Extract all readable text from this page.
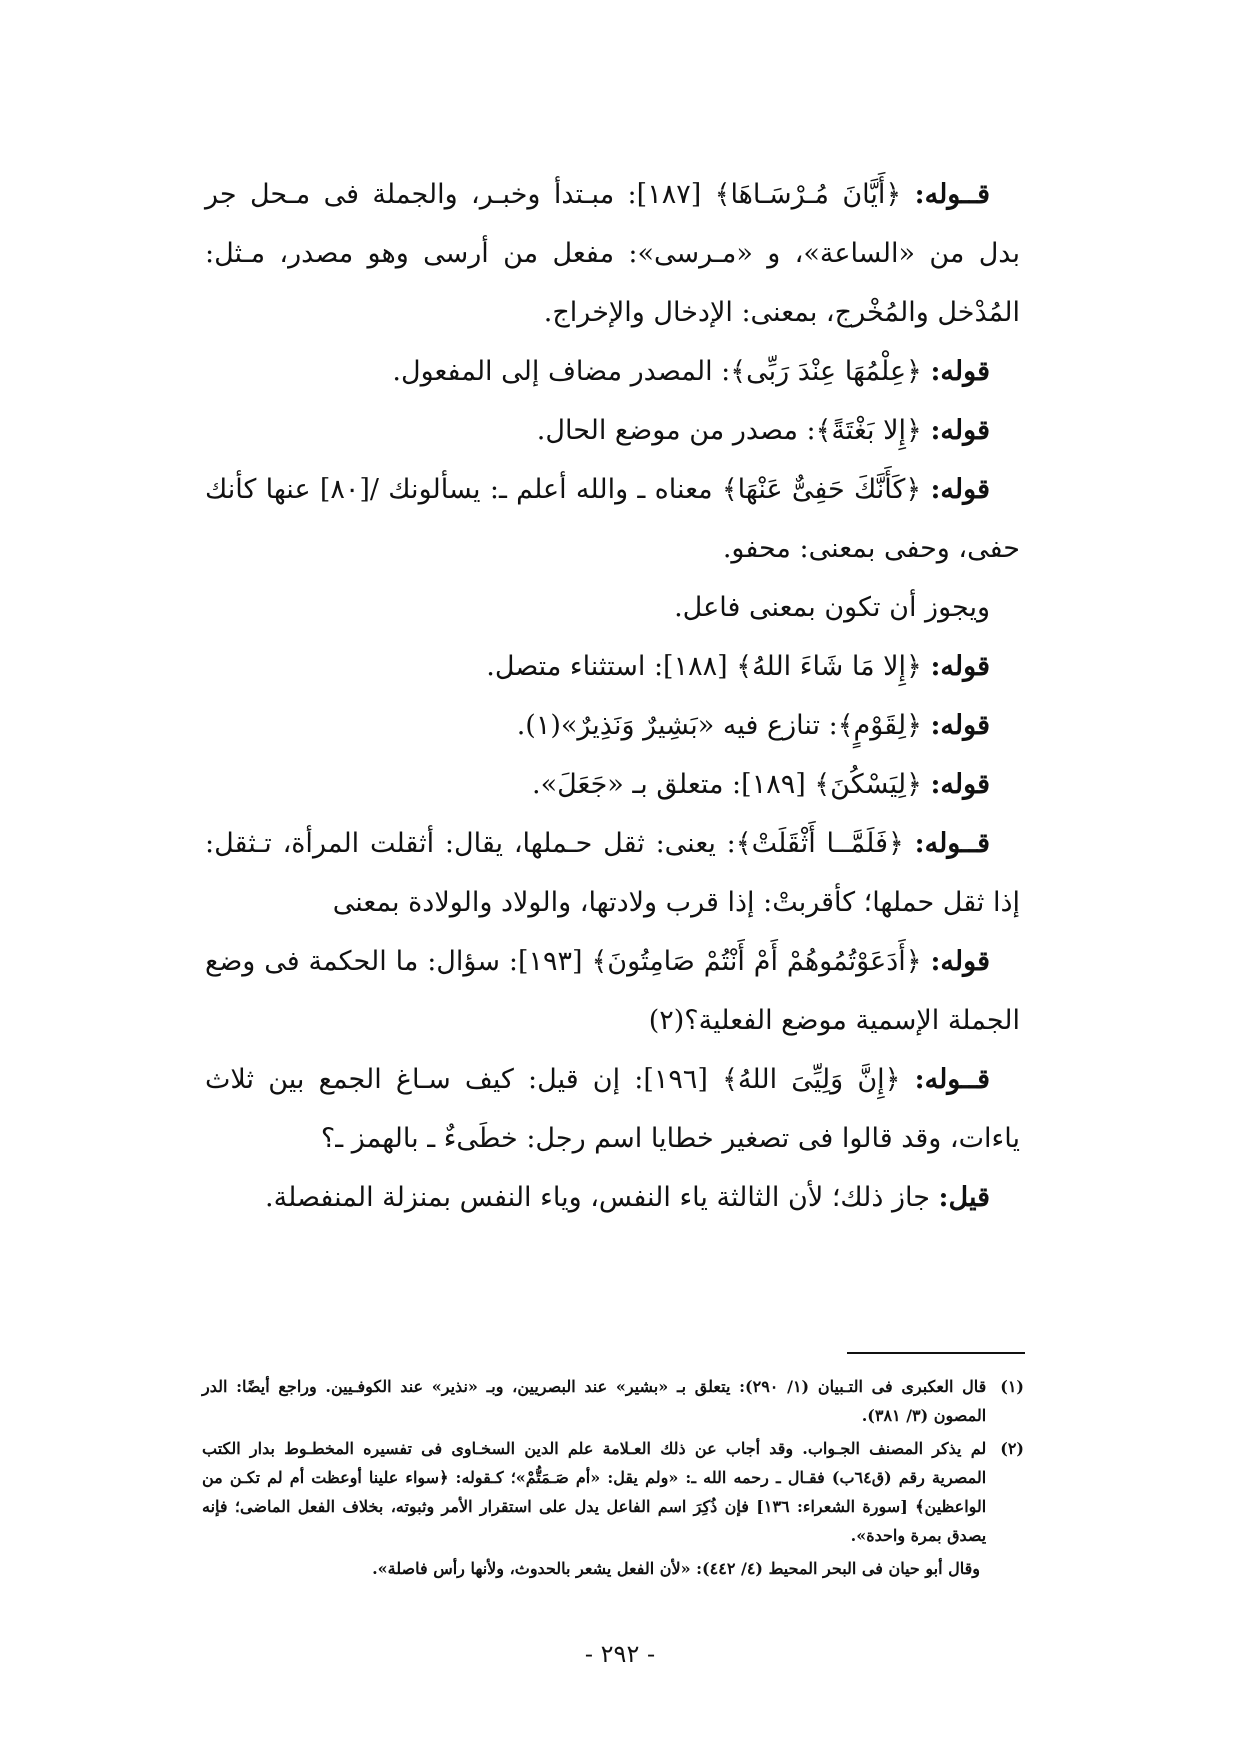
قــوله: ﴿أَيَّانَ مُـرْسَـاهَا﴾ [١٨٧]: مبـتدأ وخبـر، والجملة فى مـحل جر بدل من «الساعة»، و «مـرسى»: مفعل من أرسى وهو مصدر، مـثل: المُدْخل والمُخْرج، بمعنى: الإدخال والإخراج.

قوله: ﴿عِلْمُهَا عِنْدَ رَبِّى﴾: المصدر مضاف إلى المفعول.

قوله: ﴿إِلا بَغْتَةً﴾: مصدر من موضع الحال.

قوله: ﴿كَأَنَّكَ حَفِىٌّ عَنْهَا﴾ معناه ـ والله أعلم ـ: يسألونك /[٨٠] عنها كأنك حفى، وحفى بمعنى: محفو.

ويجوز أن تكون بمعنى فاعل.

قوله: ﴿إِلا مَا شَاءَ اللهُ﴾ [١٨٨]: استثناء متصل.

قوله: ﴿لِقَوْمٍ﴾: تنازع فيه «بَشِيرٌ وَنَذِيرٌ»(١).

قوله: ﴿لِيَسْكُنَ﴾ [١٨٩]: متعلق بـ «جَعَلَ».

قــوله: ﴿فَلَمَّــا أَثْقَلَتْ﴾: يعنى: ثقل حـملها، يقال: أثقلت المرأة، تـثقل: إذا ثقل حملها؛ كأقربتْ: إذا قرب ولادتها، والولاد والولادة بمعنى

قوله: ﴿أَدَعَوْتُمُوهُمْ أَمْ أَنْتُمْ صَامِتُونَ﴾ [١٩٣]: سؤال: ما الحكمة فى وضع الجملة الإسمية موضع الفعلية؟(٢)

قــوله: ﴿إِنَّ وَلِيِّىَ اللهُ﴾ [١٩٦]: إن قيل: كيف سـاغ الجمع بين ثلاث ياءات، وقد قالوا فى تصغير خطايا اسم رجل: خطَىءٌ ـ بالهمز ـ؟

قيل: جاز ذلك؛ لأن الثالثة ياء النفس، وياء النفس بمنزلة المنفصلة.

(١)
قال العكبرى فى التـبيان (١/ ٢٩٠): يتعلق بـ «بشير» عند البصريين، وبـ «نذير» عند الكوفـيين. وراجع أيضًا: الدر المصون (٣/ ٣٨١).
(٢)
لم يذكر المصنف الجـواب. وقد أجاب عن ذلك العـلامة علم الدين السخـاوى فى تفسيره المخطـوط بدار الكتب المصرية رقم (ق٦٤ب) فقـال ـ رحمه الله ـ: «ولم يقل: «أم صَـمَتُّمْ»؛ كـقوله: ﴿سواء علينا أوعظت أم لم تكـن من الواعظين﴾ [سورة الشعراء: ١٣٦] فإن ذُكِرَ اسم الفاعل يدل على استقرار الأمر وثبوته، بخلاف الفعل الماضى؛ فإنه يصدق بمرة واحدة».

وقال أبو حيان فى البحر المحيط (٤/ ٤٤٢): «لأن الفعل يشعر بالحدوث، ولأنها رأس فاصلة».

- ٢٩٢ -
